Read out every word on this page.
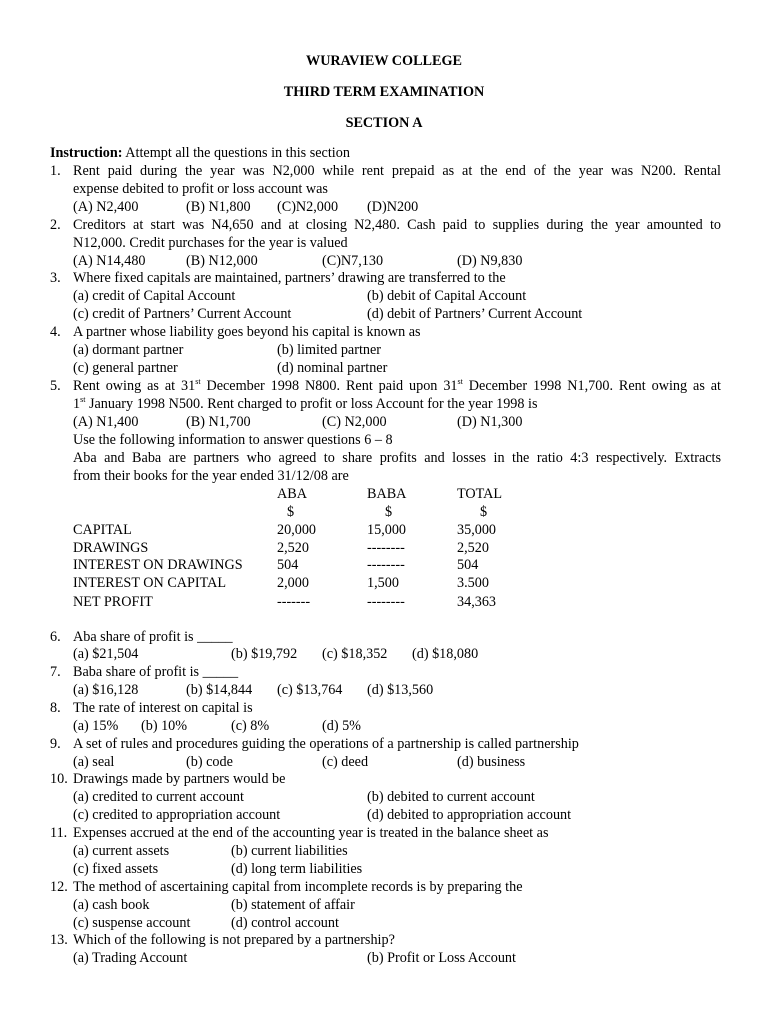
WURAVIEW COLLEGE
THIRD TERM EXAMINATION
SECTION A
Instruction: Attempt all the questions in this section
1. Rent paid during the year was N2,000 while rent prepaid as at the end of the year was N200. Rental
expense debited to profit or loss account was
(A) N2,400	(B) N1,800 (C)N2,000 (D)N200
2. Creditors at start was N4,650 and at closing N2,480. Cash paid to supplies during the year amounted to
N12,000. Credit purchases for the year is valued
(A) N14,480	(B) N12,000	(C)N7,130	(D) N9,830
3. Where fixed capitals are maintained, partners’ drawing are transferred to the
(a) credit of Capital Account	(b) debit of Capital Account
(c) credit of Partners’ Current Account	(d) debit of Partners’ Current Account
4. A partner whose liability goes beyond his capital is known as
(a) dormant partner	(b) limited partner
(c) general partner	(d) nominal partner
5. Rent owing as at 31st December 1998 N800. Rent paid upon 31st December 1998 N1,700. Rent owing as at
1st January 1998 N500. Rent charged to profit or loss Account for the year 1998 is
(A) N1,400	(B) N1,700	(C) N2,000	(D) N1,300
Use the following information to answer questions 6 – 8
Aba and Baba are partners who agreed to share profits and losses in the ratio 4:3 respectively. Extracts
from their books for the year ended 31/12/08 are
ABA	BABA	TOTAL
$	$	$
CAPITAL	20,000	15,000	35,000
DRAWINGS	2,520	--------	2,520
INTEREST ON DRAWINGS 504	--------	504
INTEREST ON CAPITAL	2,000	1,500	3.500
NET PROFIT	-------	--------	34,363
6. Aba share of profit is _____
(a) $21,504	(b) $19,792 (c) $18,352 (d) $18,080
7. Baba share of profit is _____
(a) $16,128	(b) $14,844 (c) $13,764 (d) $13,560
8. The rate of interest on capital is
(a) 15% (b) 10%	(c) 8%	(d) 5%
9. A set of rules and procedures guiding the operations of a partnership is called partnership
(a) seal	(b) code	(c) deed	(d) business
10. Drawings made by partners would be
(a) credited to current account	(b) debited to current account
(c) credited to appropriation account	(d) debited to appropriation account
11. Expenses accrued at the end of the accounting year is treated in the balance sheet as
(a) current assets	(b) current liabilities
(c) fixed assets	(d) long term liabilities
12. The method of ascertaining capital from incomplete records is by preparing the
(a) cash book	(b) statement of affair
(c) suspense account	(d) control account
13. Which of the following is not prepared by a partnership?
(a) Trading Account	(b) Profit or Loss Account
